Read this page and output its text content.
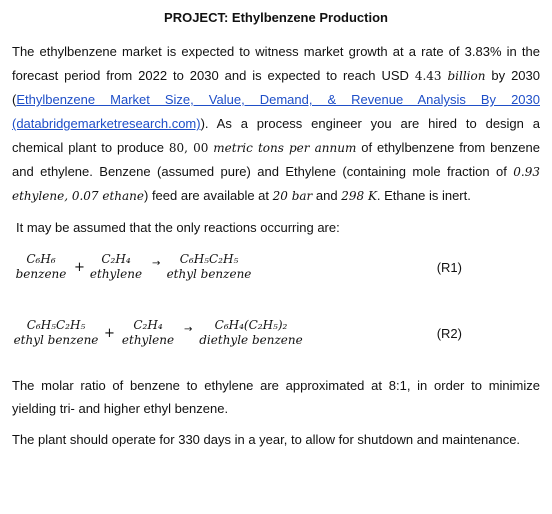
PROJECT: Ethylbenzene Production

The ethylbenzene market is expected to witness market growth at a rate of 3.83% in the forecast period from 2022 to 2030 and is expected to reach USD 4.43 billion by 2030 (Ethylbenzene Market Size, Value, Demand, & Revenue Analysis By 2030 (databridgemarketresearch.com)). As a process engineer you are hired to design a chemical plant to produce 80, 00 metric tons per annum of ethylbenzene from benzene and ethylene. Benzene (assumed pure) and Ethylene (containing mole fraction of 0.93 ethylene, 0.07 ethane) feed are available at 20 bar and 298 K. Ethane is inert.

It may be assumed that the only reactions occurring are:
C₆H₆
benzene +
C₂H₄
ethylene
→	C₆H₅C₂H₅
ethyl benzene	(R1)
C₆H₅C₂H₅
ethyl benzene +
C₂H₄
ethylene
→	C₆H₄(C₂H₅)₂
diethyle benzene	(R2)

The molar ratio of benzene to ethylene are approximated at 8:1, in order to minimize yielding tri- and higher ethyl benzene.

The plant should operate for 330 days in a year, to allow for shutdown and maintenance.
